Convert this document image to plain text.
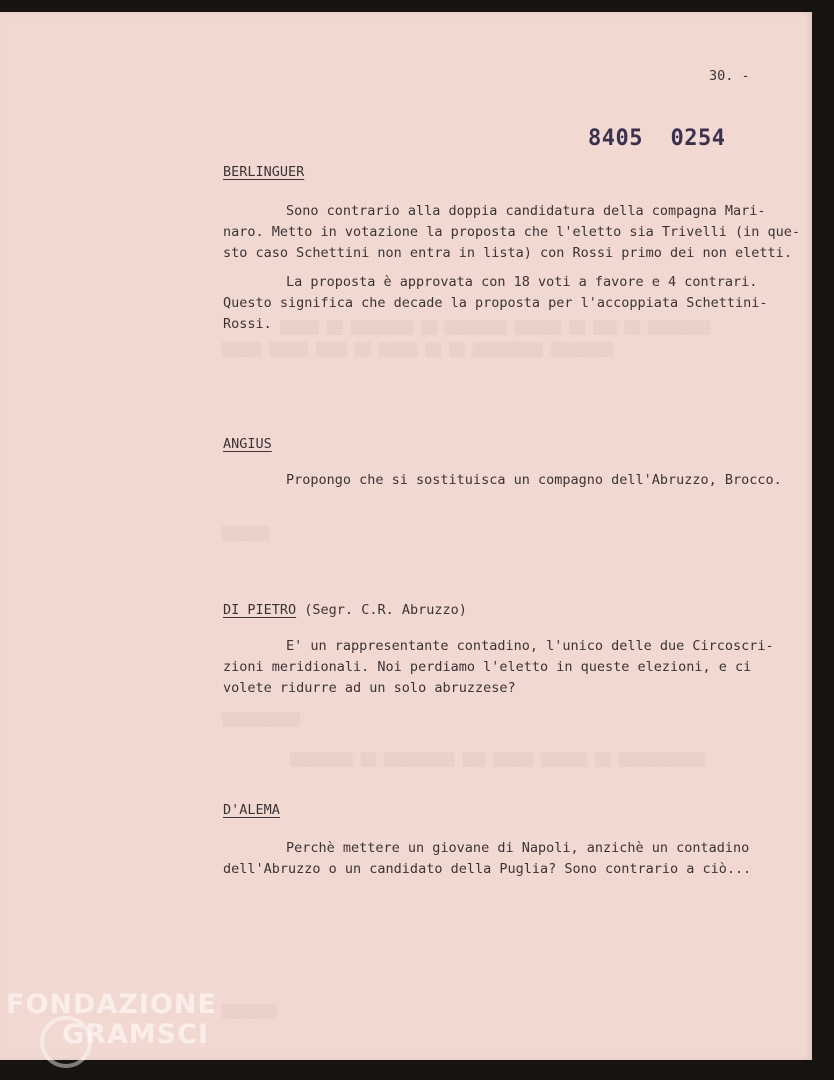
30. -
8405  0254
▒▒▒▒▒ ▒▒ ▒▒▒▒▒▒▒▒ ▒▒ ▒▒▒▒▒▒▒▒ ▒▒▒▒▒▒ ▒▒ ▒▒▒ ▒▒ ▒▒▒▒▒▒▒▒
▒▒▒▒▒ ▒▒▒▒▒ ▒▒▒▒ ▒▒ ▒▒▒▒▒ ▒▒ ▒▒ ▒▒▒▒▒▒▒▒▒ ▒▒▒▒▒▒▒▒
▒▒▒▒▒▒
▒▒▒▒▒▒▒▒▒▒
▒▒▒▒▒▒▒▒ ▒▒ ▒▒▒▒▒▒▒▒▒ ▒▒▒ ▒▒▒▒▒ ▒▒▒▒▒▒ ▒▒ ▒▒▒▒▒▒▒▒▒▒▒
▒▒▒▒▒▒▒
BERLINGUER
Sono contrario alla doppia candidatura della compagna Mari-
naro. Metto in votazione la proposta che l'eletto sia Trivelli (in que-
sto caso Schettini non entra in lista) con Rossi primo dei non eletti.
La proposta è approvata con 18 voti a favore e 4 contrari.
Questo significa che decade la proposta per l'accoppiata Schettini-
Rossi.
ANGIUS
Propongo che si sostituisca un compagno dell'Abruzzo, Brocco.
DI PIETRO (Segr. C.R. Abruzzo)
E' un rappresentante contadino, l'unico delle due Circoscri-
zioni meridionali. Noi perdiamo l'eletto in queste elezioni, e ci
volete ridurre ad un solo abruzzese?
D'ALEMA
Perchè mettere un giovane di Napoli, anzichè un contadino
dell'Abruzzo o un candidato della Puglia? Sono contrario a ciò...
FONDAZIONE
GRAMSCI
